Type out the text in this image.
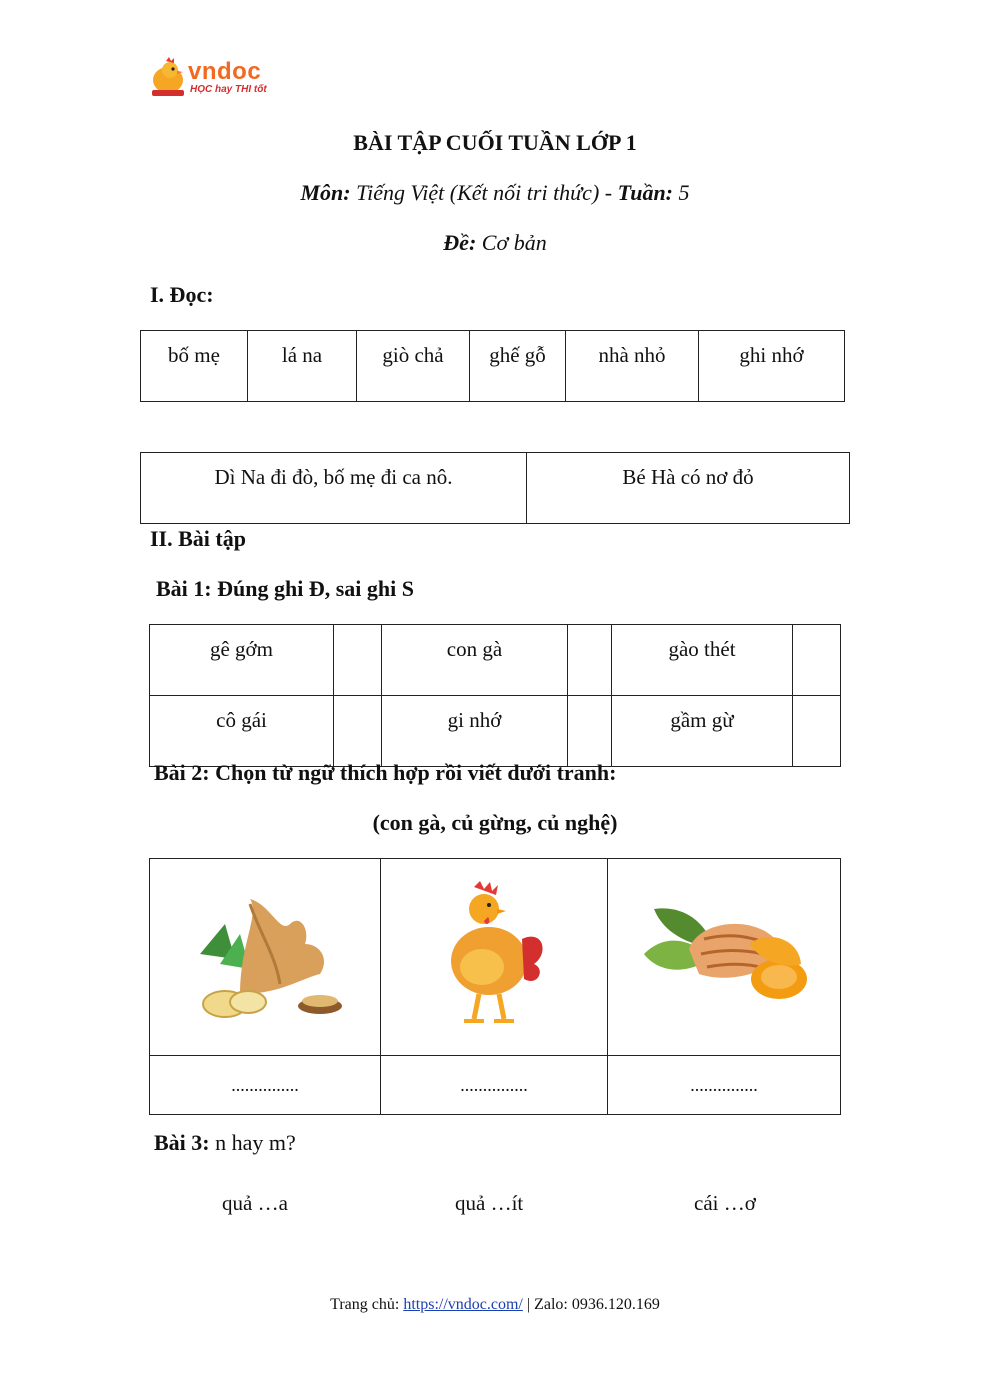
vndoc
HỌC hay THI tốt
BÀI TẬP CUỐI TUẦN LỚP 1
Môn: Tiếng Việt (Kết nối tri thức) - Tuần: 5
Đề: Cơ bản
I. Đọc:
bố mẹ	lá na	giò chả	ghế gỗ	nhà nhỏ	ghi nhớ
Dì Na đi đò, bố mẹ đi ca nô.	Bé Hà có nơ đỏ
II. Bài tập
Bài 1: Đúng ghi Đ, sai ghi S
gê gớm		con gà		gào thét	
cô gái		gi nhớ		gầm gừ	
Bài 2: Chọn từ ngữ thích hợp rồi viết dưới tranh:
(con gà, củ gừng, củ nghệ)

...............	...............	...............
Bài 3: n hay m?
quả …a	quả …ít	cái …ơ
Trang chủ: https://vndoc.com/ | Zalo: 0936.120.169
